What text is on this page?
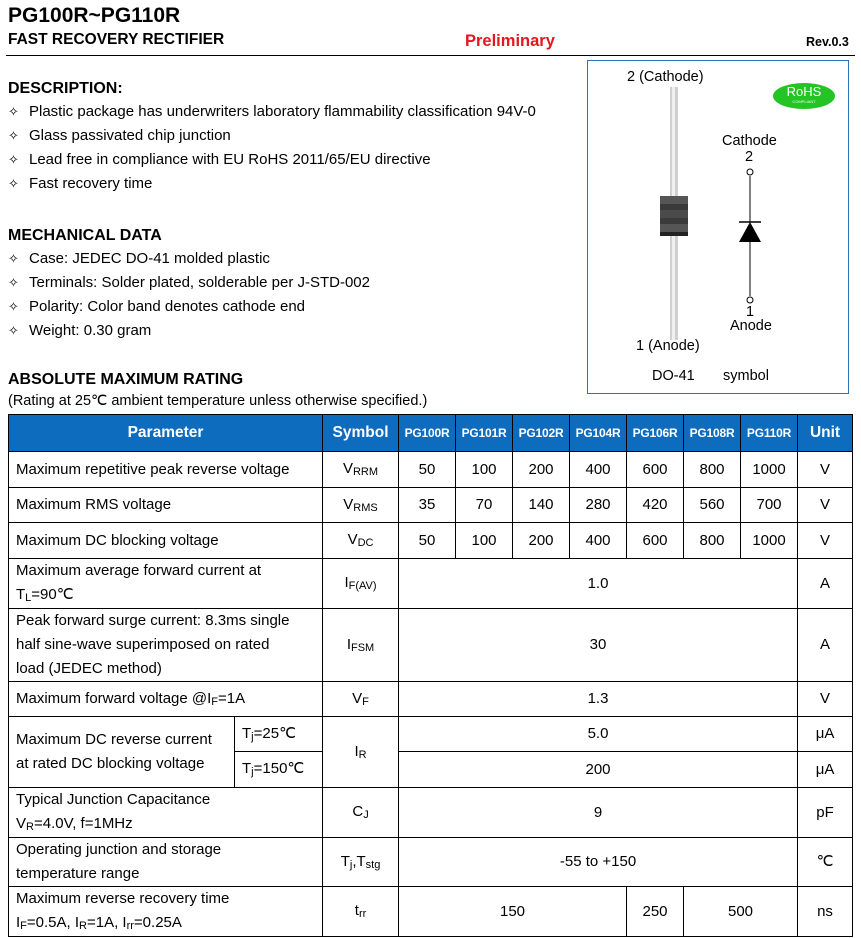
PG100R~PG110R
FAST RECOVERY RECTIFIER	Preliminary	Rev.0.3
DESCRIPTION:
✧ Plastic package has underwriters laboratory flammability classification 94V-0
✧ Glass passivated chip junction
✧ Lead free in compliance with EU RoHS 2011/65/EU directive
✧ Fast recovery time
MECHANICAL DATA
✧ Case: JEDEC DO-41 molded plastic
✧ Terminals: Solder plated, solderable per J-STD-002
✧ Polarity: Color band denotes cathode end
✧ Weight: 0.30 gram
2 (Cathode)
RoHS
COMPLIANT
Cathode
2
1
Anode
1 (Anode)
DO-41 symbol
ABSOLUTE MAXIMUM RATING
(Rating at 25℃ ambient temperature unless otherwise specified.)
Parameter		Symbol	PG100R	PG101R	PG102R	PG104R	PG106R	PG108R	PG110R	Unit
Maximum repetitive peak reverse voltage		$V_{RRM}$	50	100	200	400	600	800	1000	V
Maximum RMS voltage		$V_{RMS}$	35	70	140	280	420	560	700	V
Maximum DC blocking voltage		$V_{DC}$	50	100	200	400	600	800	1000	V
Maximum average forward current at
$T_L=90℃$		$I_{F(AV)}$	1.0							A
Peak forward surge current: 8.3ms single
half sine-wave superimposed on rated
load (JEDEC method)		$I_{FSM}$	30							A
Maximum forward voltage $@I_F=1A$		$V_F$	1.3							V
Maximum DC reverse current
at rated DC blocking voltage	$T_j=25℃$	$I_R$	5.0							μA
	$T_j=150℃$		200							μA
Typical Junction Capacitance
$V_R=4.0V$, f=1MHz		$C_J$	9							pF
Operating junction and storage
temperature range		$T_j,T_{stg}$	-55 to +150							℃
Maximum reverse recovery time
$I_F=0.5A$, $I_R=1A$, $I_{rr}=0.25A$		$t_{rr}$	150				250	500		ns
